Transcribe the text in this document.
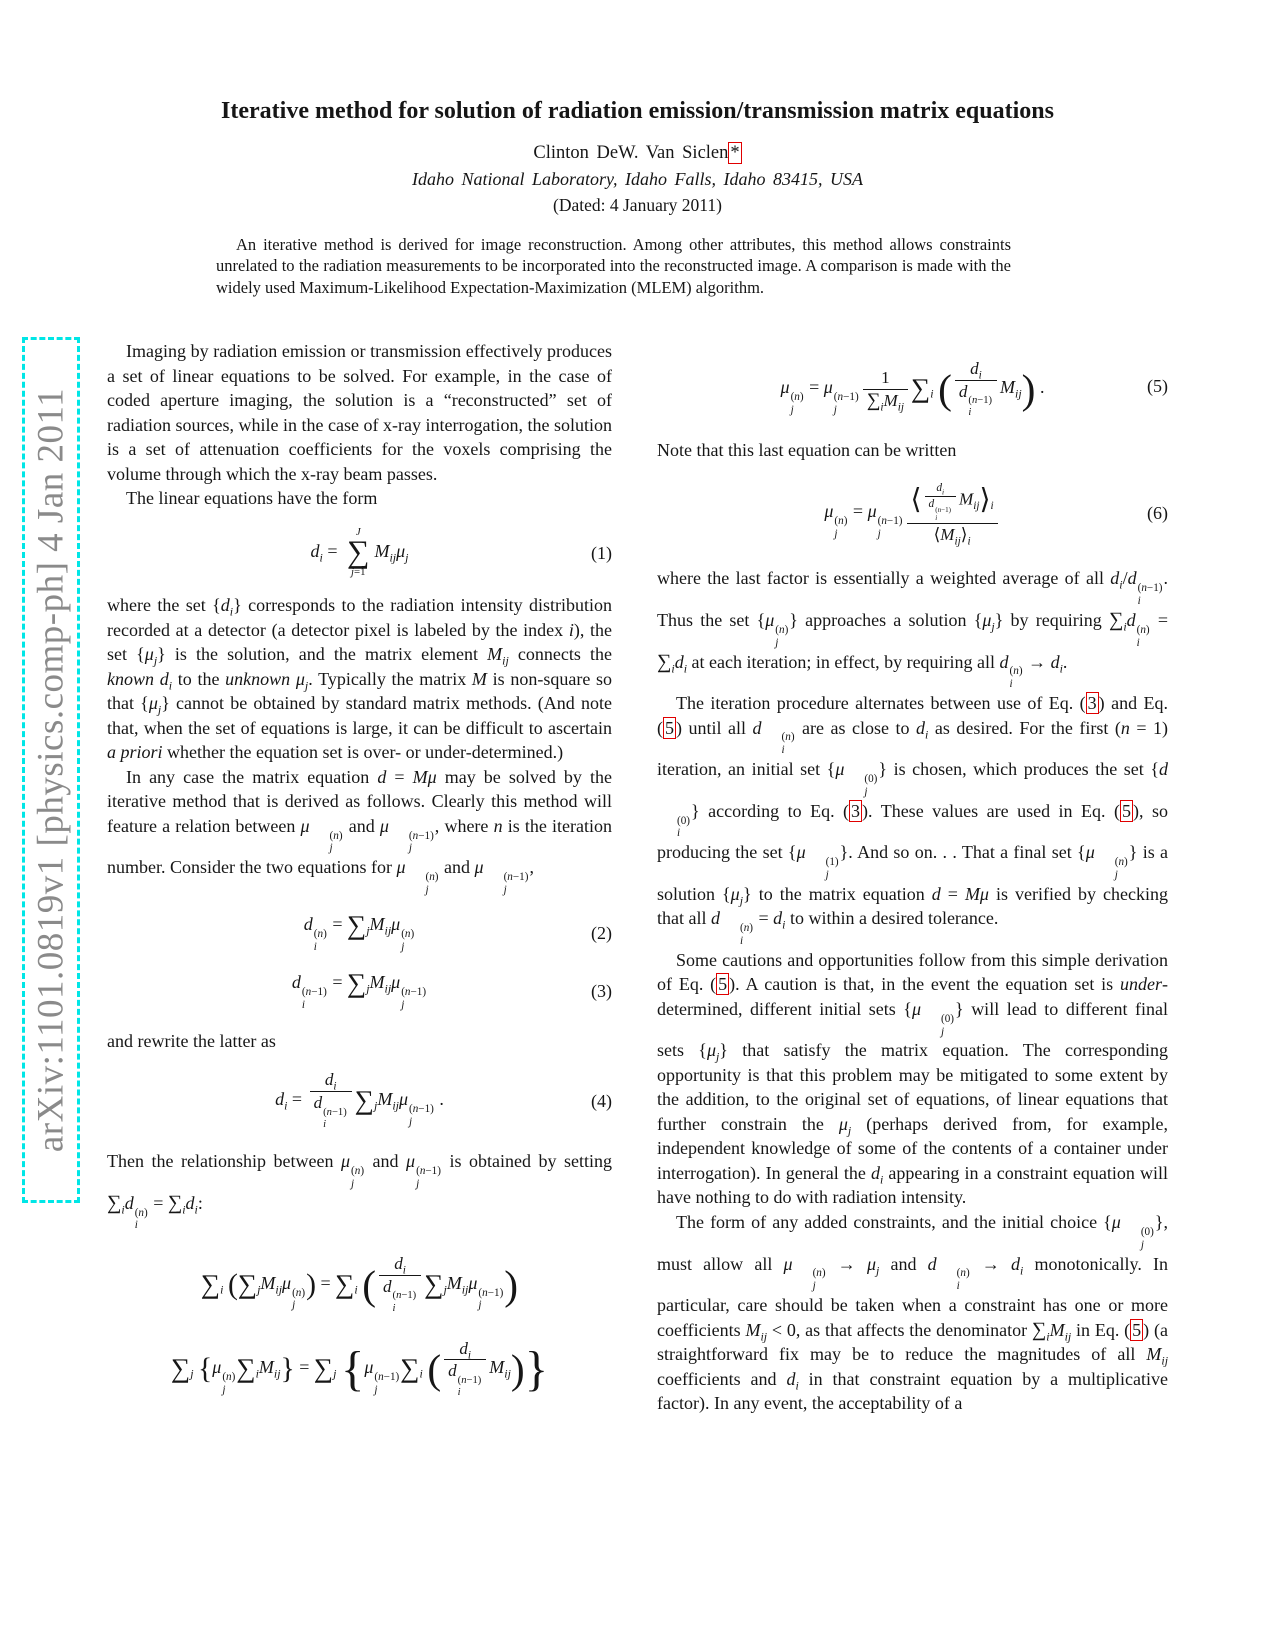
arXiv:1101.0819v1 [physics.comp-ph] 4 Jan 2011
Iterative method for solution of radiation emission/transmission matrix equations
Clinton DeW. Van Siclen *
Idaho National Laboratory, Idaho Falls, Idaho 83415, USA
(Dated: 4 January 2011)
An iterative method is derived for image reconstruction. Among other attributes, this method allows constraints unrelated to the radiation measurements to be incorporated into the reconstructed image. A comparison is made with the widely used Maximum-Likelihood Expectation-Maximization (MLEM) algorithm.

Imaging by radiation emission or transmission effectively produces a set of linear equations to be solved. For example, in the case of coded aperture imaging, the solution is a “reconstructed” set of radiation sources, while in the case of x-ray interrogation, the solution is a set of attenuation coefficients for the voxels comprising the volume through which the x-ray beam passes.

The linear equations have the form

$d_i$ =
J
∑
j=1
$M_{ij}\mu_j$	(1)

where the set $\{d_i\}$ corresponds to the radiation intensity distribution recorded at a detector (a detector pixel is labeled by the index i), the set $\{\mu_j\}$ is the solution, and the matrix element $M_{ij}$ connects the known $d_i$ to the unknown $\mu_j$. Typically the matrix M is non-square so that $\{\mu_j\}$ cannot be obtained by standard matrix methods. (And note that, when the set of equations is large, it can be difficult to ascertain a priori whether the equation set is over- or under-determined.)

In any case the matrix equation d = Mμ may be solved by the iterative method that is derived as follows. Clearly this method will feature a relation between μ	(n)
j
and μ	(n−1)
j
, where n is the iteration number. Consider the two equations for μ	(n)
j
and μ	(n−1)
j
,

d (n)
i
= $\sum_jM_{ij}\mu$ (n)
j
(2)
d (n−1)
i
= $\sum_jM_{ij}\mu$ (n−1)
j
(3)

and rewrite the latter as

$d_i = d_i$
d
(n−1)
i $\sum_jM_{ij}\mu$ (n−1)
j
.	(4)

Then the relationship between μ (n)
j
and μ (n−1)
j
is obtained by setting $\sum_id$ (n)
i
= $\sum_id_i$:

$\sum_i$ ($\sum_jM_{ij}\mu$ (n)
j
) = $\sum_i$ ( $d_i$
d
(n−1)
i $\sum_jM_{ij}\mu$ (n−1)
j )
$\sum_j$ {μ (n)
j
$\sum_iM_{ij}\} = \sum_j$ {μ (n−1)
j
$\sum_i$ ( $d_i$
d
(n−1)
i $M_{ij}$)}
μ (n)
j
= μ (n−1)
j
1
$\sum_iM_{ij}$
$\sum_i$ ( $d_i$
d
(n−1)
i $M_{ij}$) .	(5)

Note that this last equation can be written

μ (n)
j
= μ (n−1)
j
⟨ $d_i$
d (n−1)
i $M_{ij}⟩_i$
$⟨M_{ij}⟩_i$
(6)

where the last factor is essentially a weighted average of all $d_i/d$ (n−1)
i
. Thus the set {μ (n)
j
} approaches a solution $\{\mu_j\}$ by requiring $\sum_id$ (n)
i
= $\sum_id_i$ at each iteration; in effect, by requiring all d (n)
i
→ $d_i$.

The iteration procedure alternates between use of Eq. ( 3 ) and Eq. ( 5 ) until all d	(n)
i
are as close to $d_i$ as desired. For the first (n = 1) iteration, an initial set {μ	(0)
j
} is chosen, which produces the set {d
(0)
i
} according to Eq. ( 3 ). These values are used in Eq. ( 5 ), so producing the set {μ	(1)
j
}. And so on. . . That a final set {μ	(n)
j
} is a solution $\{\mu_j\}$ to the matrix equation d = Mμ is verified by checking that all d	(n)
i
= $d_i$ to within a desired tolerance.

Some cautions and opportunities follow from this simple derivation of Eq. ( 5 ). A caution is that, in the event the equation set is under-determined, different initial sets {μ	(0)
j
} will lead to different final sets $\{\mu_j\}$ that satisfy the matrix equation. The corresponding opportunity is that this problem may be mitigated to some extent by the addition, to the original set of equations, of linear equations that further constrain the $\mu_j$ (perhaps derived from, for example, independent knowledge of some of the contents of a container under interrogation). In general the $d_i$ appearing in a constraint equation will have nothing to do with radiation intensity.

The form of any added constraints, and the initial choice {μ	(0)
j
}, must allow all μ	(n)
j
→ $\mu_j$ and d	(n)
i
→ $d_i$ monotonically. In particular, care should be taken when a constraint has one or more coefficients $M_{ij} < 0$, as that affects the denominator $\sum_iM_{ij}$ in Eq. ( 5 ) (a straightforward fix may be to reduce the magnitudes of all $M_{ij}$ coefficients and $d_i$ in that constraint equation by a multiplicative factor). In any event, the acceptability of a
